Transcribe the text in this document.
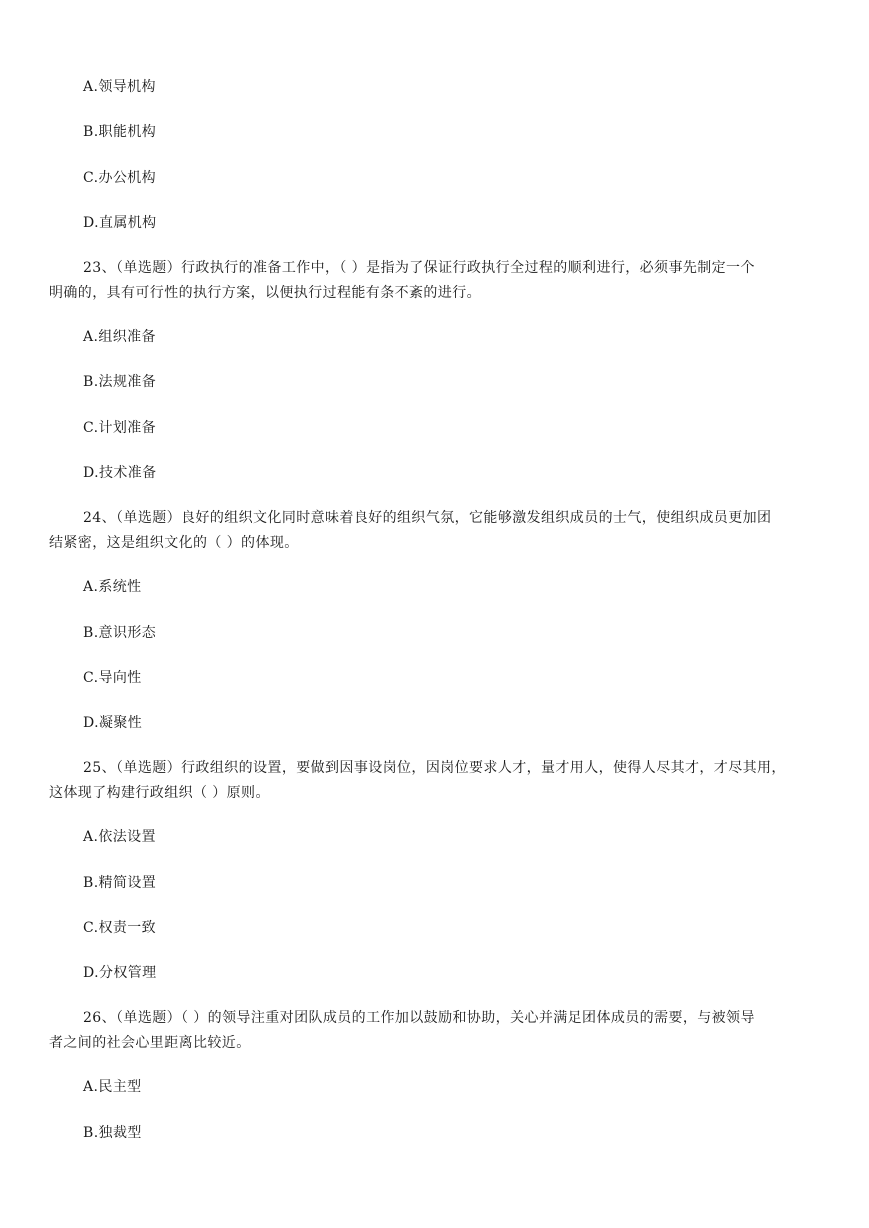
A.领导机构
B.职能机构
C.办公机构
D.直属机构
23、（单选题）行政执行的准备工作中，（ ）是指为了保证行政执行全过程的顺利进行，必须事先制定一个
明确的，具有可行性的执行方案，以便执行过程能有条不紊的进行。
A.组织准备
B.法规准备
C.计划准备
D.技术准备
24、（单选题）良好的组织文化同时意味着良好的组织气氛，它能够激发组织成员的士气，使组织成员更加团
结紧密，这是组织文化的（ ）的体现。
A.系统性
B.意识形态
C.导向性
D.凝聚性
25、（单选题）行政组织的设置，要做到因事设岗位，因岗位要求人才，量才用人，使得人尽其才，才尽其用，
这体现了构建行政组织（ ）原则。
A.依法设置
B.精简设置
C.权责一致
D.分权管理
26、（单选题）（ ）的领导注重对团队成员的工作加以鼓励和协助，关心并满足团体成员的需要，与被领导
者之间的社会心里距离比较近。
A.民主型
B.独裁型
